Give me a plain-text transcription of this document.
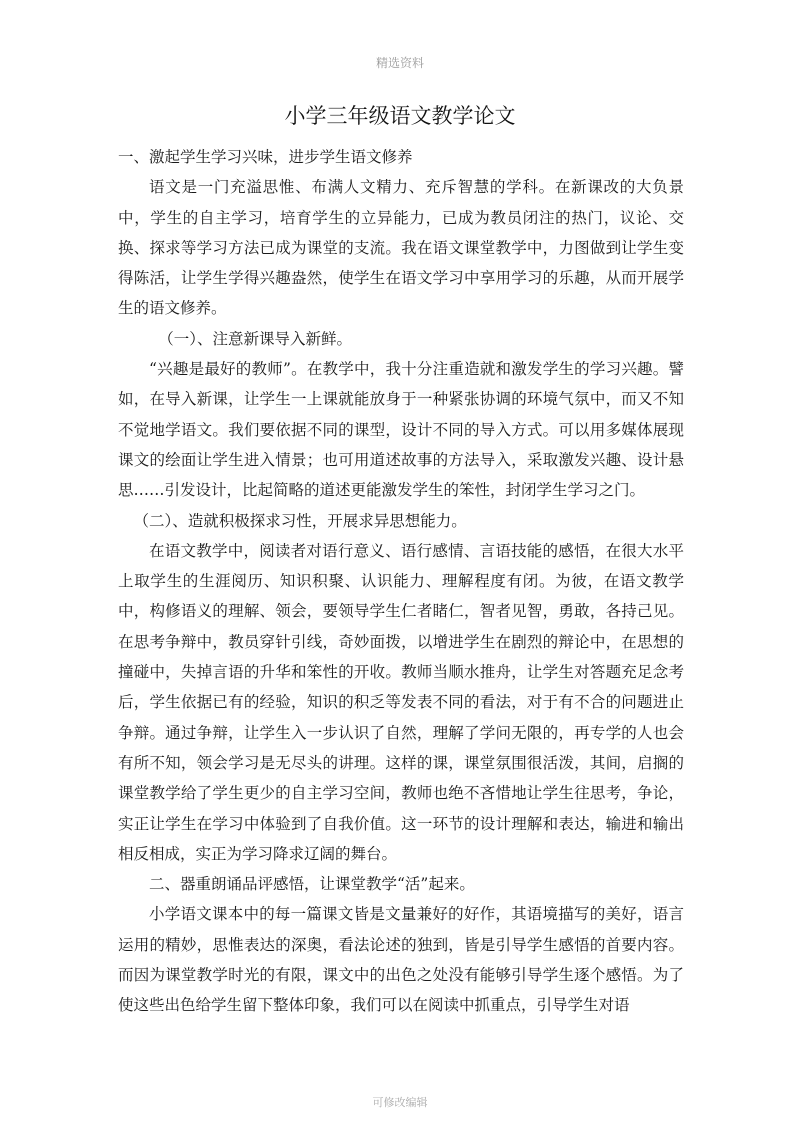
精选资料
小学三年级语文教学论文

一、激起学生学习兴味，进步学生语文修养

语文是一门充溢思惟、布满人文精力、充斥智慧的学科。在新课改的大负景中，学生的自主学习，培育学生的立异能力，已成为教员闭注的热门，议论、交换、探求等学习方法已成为课堂的支流。我在语文课堂教学中，力图做到让学生变得陈活，让学生学得兴趣盎然，使学生在语文学习中享用学习的乐趣，从而开展学生的语文修养。

（一）、注意新课导入新鲜。

“兴趣是最好的教师”。在教学中，我十分注重造就和激发学生的学习兴趣。譬如，在导入新课，让学生一上课就能放身于一种紧张协调的环境气氛中，而又不知不觉地学语文。我们要依据不同的课型，设计不同的导入方式。可以用多媒体展现课文的绘面让学生进入情景；也可用道述故事的方法导入，采取激发兴趣、设计悬思……引发设计，比起简略的道述更能激发学生的笨性，封闭学生学习之门。

（二）、造就积极探求习性，开展求异思想能力。

在语文教学中，阅读者对语行意义、语行感情、言语技能的感悟，在很大水平上取学生的生涯阅历、知识积聚、认识能力、理解程度有闭。为彼，在语文教学中，构修语义的理解、领会，要领导学生仁者睹仁，智者见智，勇敢，各持己见。在思考争辩中，教员穿针引线，奇妙面拨，以增进学生在剧烈的辩论中，在思想的撞碰中，失掉言语的升华和笨性的开收。教师当顺水推舟，让学生对答题充足念考后，学生依据已有的经验，知识的积乏等发表不同的看法，对于有不合的问题进止争辩。通过争辩，让学生入一步认识了自然，理解了学问无限的，再专学的人也会有所不知，领会学习是无尽头的讲理。这样的课，课堂氛围很活泼，其间，启搁的课堂教学给了学生更少的自主学习空间，教师也绝不吝惜地让学生往思考，争论，实正让学生在学习中体验到了自我价值。这一环节的设计理解和表达，输进和输出相反相成，实正为学习降求辽阔的舞台。

二、器重朗诵品评感悟，让课堂教学“活”起来。

小学语文课本中的每一篇课文皆是文量兼好的好作，其语境描写的美好，语言运用的精妙，思惟表达的深奥，看法论述的独到，皆是引导学生感悟的首要内容。而因为课堂教学时光的有限，课文中的出色之处没有能够引导学生逐个感悟。为了使这些出色给学生留下整体印象，我们可以在阅读中抓重点，引导学生对语

可修改编辑
